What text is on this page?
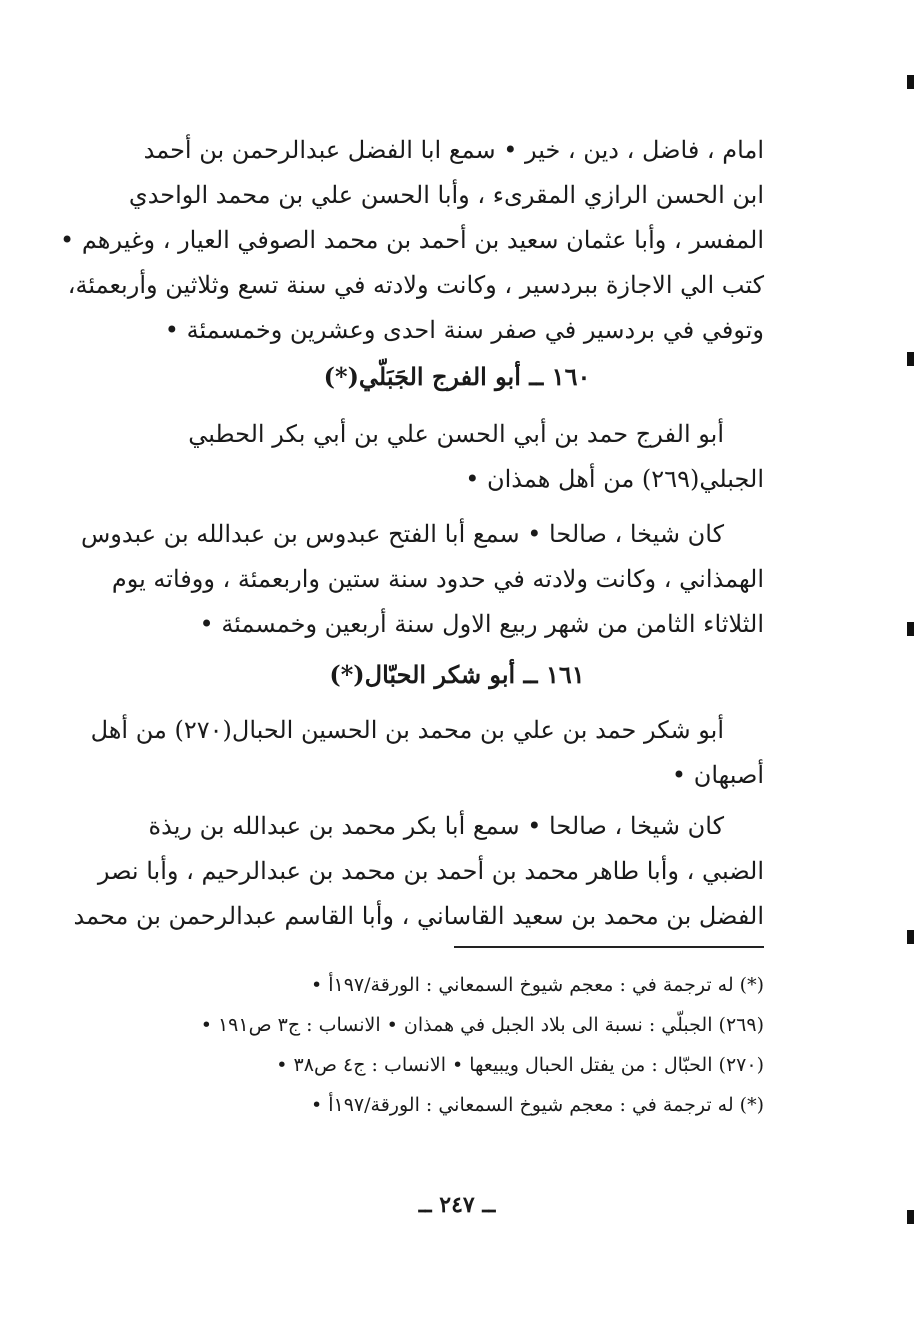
امام ، فاضل ، دين ، خير • سمع ابا الفضل عبدالرحمن بن أحمد
ابن الحسن الرازي المقرىء ، وأبا الحسن علي بن محمد الواحدي
المفسر ، وأبا عثمان سعيد بن أحمد بن محمد الصوفي العيار ، وغيرهم •
كتب الي الاجازة ببردسير ، وكانت ولادته في سنة تسع وثلاثين وأربعمئة،
وتوفي في بردسير في صفر سنة احدى وعشرين وخمسمئة •
١٦٠ ــ أبو الفرج الجَبَلّي(*)
أبو الفرج حمد بن أبي الحسن علي بن أبي بكر الحطبي
الجبلي(٢٦٩) من أهل همذان •
كان شيخا ، صالحا • سمع أبا الفتح عبدوس بن عبدالله بن عبدوس
الهمذاني ، وكانت ولادته في حدود سنة ستين واربعمئة ، ووفاته يوم
الثلاثاء الثامن من شهر ربيع الاول سنة أربعين وخمسمئة •
١٦١ ــ أبو شكر الحبّال(*)
أبو شكر حمد بن علي بن محمد بن الحسين الحبال(٢٧٠) من أهل
أصبهان •
كان شيخا ، صالحا • سمع أبا بكر محمد بن عبدالله بن ريذة
الضبي ، وأبا طاهر محمد بن أحمد بن محمد بن عبدالرحيم ، وأبا نصر
الفضل بن محمد بن سعيد القاساني ، وأبا القاسم عبدالرحمن بن محمد
(*) له ترجمة في : معجم شيوخ السمعاني : الورقة/١٩٧أ •
(٢٦٩) الجبلّي : نسبة الى بلاد الجبل في همذان • الانساب : ج٣ ص١٩١ •
(٢٧٠) الحبّال : من يفتل الحبال ويبيعها • الانساب : ج٤ ص٣٨ •
(*) له ترجمة في : معجم شيوخ السمعاني : الورقة/١٩٧أ •
ــ ٢٤٧ ــ
